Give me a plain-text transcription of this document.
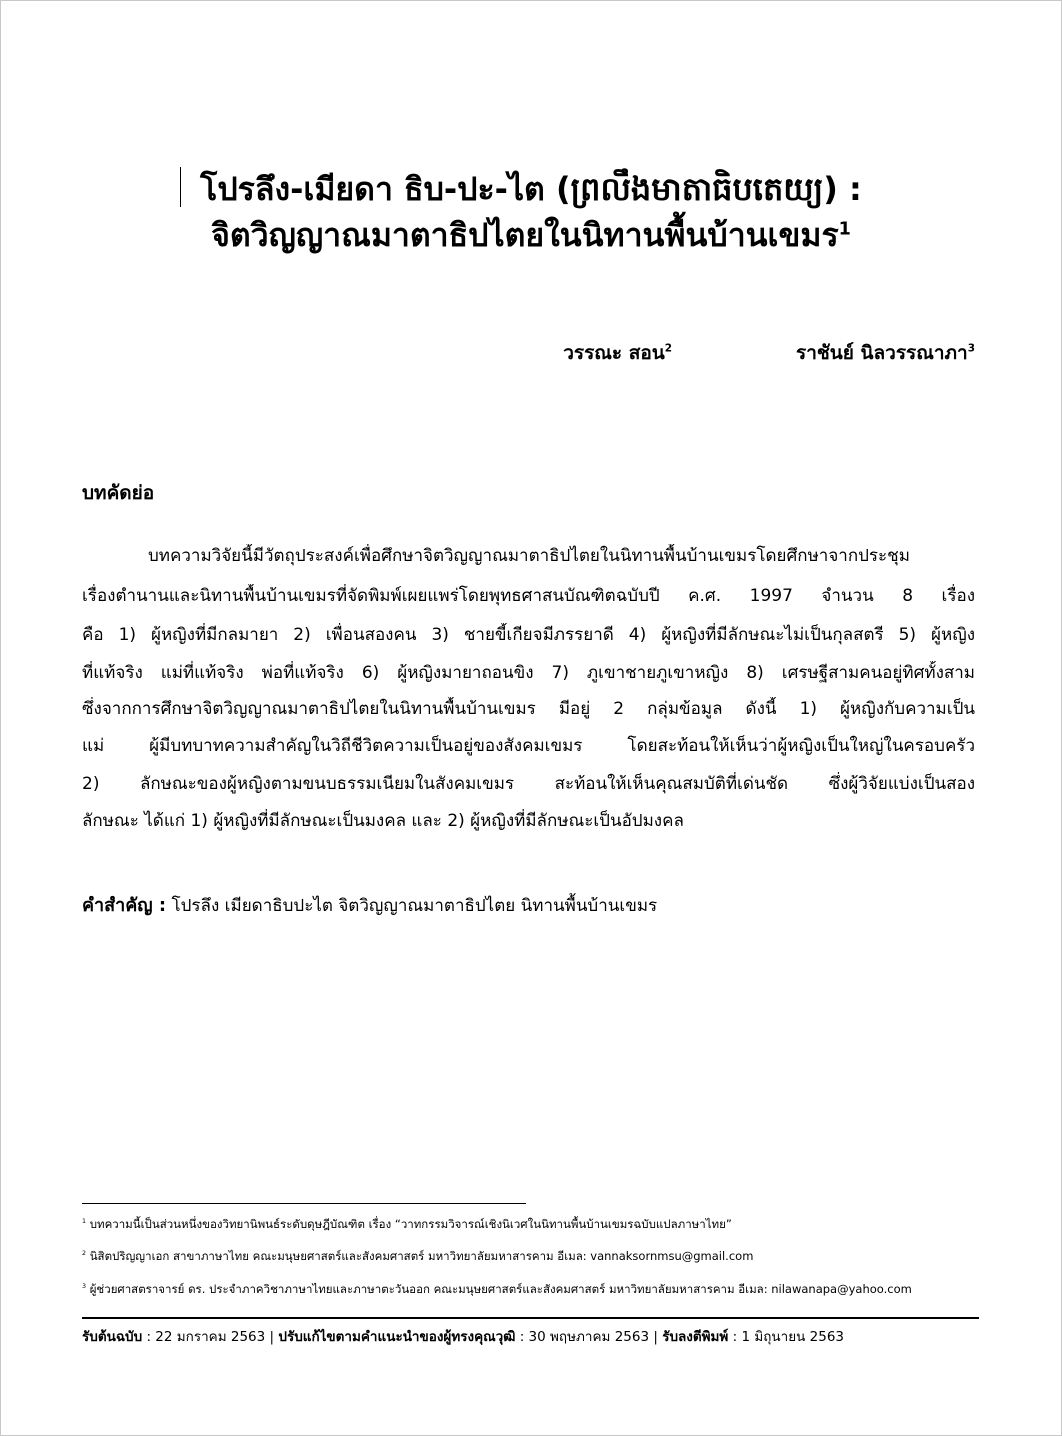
โปรลึง-เมียดา ธิบ-ปะ-ไต (ព្រលឹងមាតាធិបតេយ្យ) :
จิตวิญญาณมาตาธิปไตยในนิทานพื้นบ้านเขมร$^1$
วรรณะ สอน$^2$	ราชันย์ นิลวรรณาภา$^3$
บทคัดย่อ
บทความวิจัยนี้มีวัตถุประสงค์เพื่อศึกษาจิตวิญญาณมาตาธิปไตยในนิทานพื้นบ้านเขมรโดยศึกษาจากประชุม
เรื่องตำนานและนิทานพื้นบ้านเขมรที่จัดพิมพ์เผยแพร่โดยพุทธศาสนบัณฑิตฉบับปี ค.ศ. 1997 จำนวน 8 เรื่อง
คือ 1) ผู้หญิงที่มีกลมายา 2) เพื่อนสองคน 3) ชายขี้เกียจมีภรรยาดี 4) ผู้หญิงที่มีลักษณะไม่เป็นกุลสตรี 5) ผู้หญิง
ที่แท้จริง แม่ที่แท้จริง พ่อที่แท้จริง 6) ผู้หญิงมายาถอนขิง 7) ภูเขาชายภูเขาหญิง 8) เศรษฐีสามคนอยู่ทิศทั้งสาม
ซึ่งจากการศึกษาจิตวิญญาณมาตาธิปไตยในนิทานพื้นบ้านเขมร มีอยู่ 2 กลุ่มข้อมูล ดังนี้ 1) ผู้หญิงกับความเป็น
แม่ ผู้มีบทบาทความสำคัญในวิถีชีวิตความเป็นอยู่ของสังคมเขมร โดยสะท้อนให้เห็นว่าผู้หญิงเป็นใหญ่ในครอบครัว
2) ลักษณะของผู้หญิงตามขนบธรรมเนียมในสังคมเขมร สะท้อนให้เห็นคุณสมบัติที่เด่นชัด ซึ่งผู้วิจัยแบ่งเป็นสอง
ลักษณะ ได้แก่ 1) ผู้หญิงที่มีลักษณะเป็นมงคล และ 2) ผู้หญิงที่มีลักษณะเป็นอัปมงคล
คำสำคัญ : โปรลึง เมียดาธิบปะไต จิตวิญญาณมาตาธิปไตย นิทานพื้นบ้านเขมร
$^1$ บทความนี้เป็นส่วนหนึ่งของวิทยานิพนธ์ระดับดุษฎีบัณฑิต เรื่อง “วาทกรรมวิจารณ์เชิงนิเวศในนิทานพื้นบ้านเขมรฉบับแปลภาษาไทย”
$^2$ นิสิตปริญญาเอก สาขาภาษาไทย คณะมนุษยศาสตร์และสังคมศาสตร์ มหาวิทยาลัยมหาสารคาม อีเมล: vannaksornmsu@gmail.com
$^3$ ผู้ช่วยศาสตราจารย์ ดร. ประจำภาควิชาภาษาไทยและภาษาตะวันออก คณะมนุษยศาสตร์และสังคมศาสตร์ มหาวิทยาลัยมหาสารคาม อีเมล: nilawanapa@yahoo.com
รับต้นฉบับ : 22 มกราคม 2563 | ปรับแก้ไขตามคำแนะนำของผู้ทรงคุณวุฒิ : 30 พฤษภาคม 2563 | รับลงตีพิมพ์ : 1 มิถุนายน 2563
